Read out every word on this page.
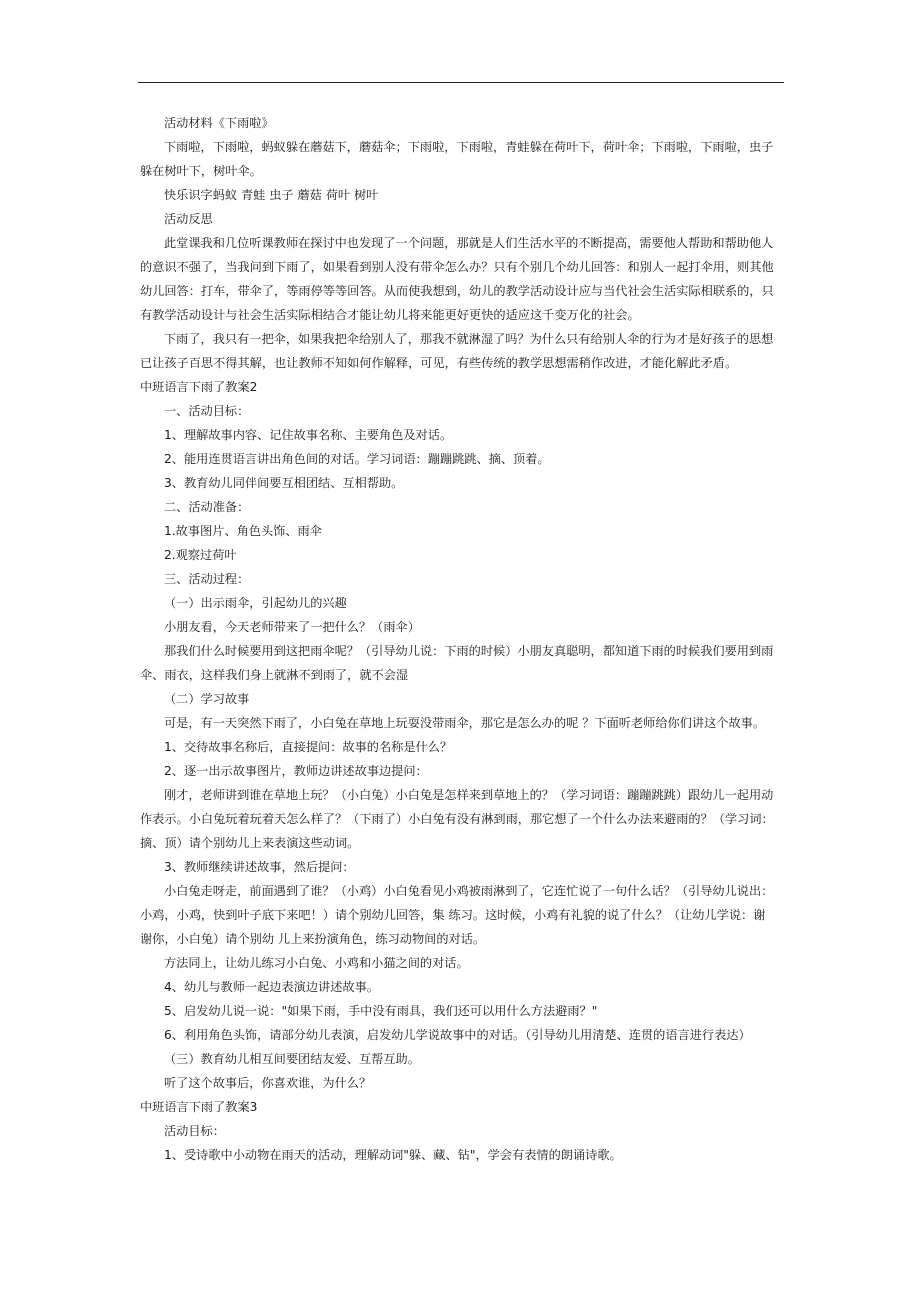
活动材料《下雨啦》

下雨啦，下雨啦，蚂蚁躲在蘑菇下，蘑菇伞；下雨啦，下雨啦，青蛙躲在荷叶下，荷叶伞；下雨啦，下雨啦，虫子

躲在树叶下，树叶伞。

快乐识字蚂蚁 青蛙 虫子 蘑菇 荷叶 树叶

活动反思

此堂课我和几位听课教师在探讨中也发现了一个问题，那就是人们生活水平的不断提高，需要他人帮助和帮助他人

的意识不强了，当我问到下雨了，如果看到别人没有带伞怎么办？只有个别几个幼儿回答：和别人一起打伞用，则其他

幼儿回答：打车，带伞了，等雨停等等回答。从而使我想到，幼儿的教学活动设计应与当代社会生活实际相联系的，只

有教学活动设计与社会生活实际相结合才能让幼儿将来能更好更快的适应这千变万化的社会。

下雨了，我只有一把伞，如果我把伞给别人了，那我不就淋湿了吗？为什么只有给别人伞的行为才是好孩子的思想

已让孩子百思不得其解，也让教师不知如何作解释，可见，有些传统的教学思想需稍作改进，才能化解此矛盾。

中班语言下雨了教案2

一、活动目标：

1、理解故事内容、记住故事名称、主要角色及对话。

2、能用连贯语言讲出角色间的对话。学习词语：蹦蹦跳跳、摘、顶着。

3、教育幼儿同伴间要互相团结、互相帮助。

二、活动准备：

1.故事图片、角色头饰、雨伞

2.观察过荷叶

三、活动过程：

（一）出示雨伞，引起幼儿的兴趣

小朋友看，今天老师带来了一把什么？（雨伞）

那我们什么时候要用到这把雨伞呢？（引导幼儿说：下雨的时候）小朋友真聪明，都知道下雨的时候我们要用到雨

伞、雨衣，这样我们身上就淋不到雨了，就不会湿

（二）学习故事

可是，有一天突然下雨了，小白兔在草地上玩耍没带雨伞，那它是怎么办的呢 ？下面听老师给你们讲这个故事。

1、交待故事名称后，直接提问：故事的名称是什么？

2、逐一出示故事图片，教师边讲述故事边提问：

刚才，老师讲到谁在草地上玩？（小白兔）小白兔是怎样来到草地上的？（学习词语：蹦蹦跳跳）跟幼儿一起用动

作表示。小白兔玩着玩着天怎么样了？（下雨了）小白兔有没有淋到雨，那它想了一个什么办法来避雨的？（学习词：

摘、顶）请个别幼儿上来表演这些动词。

3、教师继续讲述故事，然后提问：

小白兔走呀走，前面遇到了谁？（小鸡）小白兔看见小鸡被雨淋到了，它连忙说了一句什么话？（引导幼儿说出：

小鸡，小鸡，快到叶子底下来吧！）请个别幼儿回答，集 练习。这时候，小鸡有礼貌的说了什么？（让幼儿学说：谢

谢你，小白兔）请个别幼 儿上来扮演角色，练习动物间的对话。

方法同上，让幼儿练习小白兔、小鸡和小猫之间的对话。

4、幼儿与教师一起边表演边讲述故事。

5、启发幼儿说一说："如果下雨，手中没有雨具，我们还可以用什么方法避雨？"

6、利用角色头饰，请部分幼儿表演，启发幼儿学说故事中的对话。（引导幼儿用清楚、连贯的语言进行表达）

（三）教育幼儿相互间要团结友爱、互帮互助。

听了这个故事后，你喜欢谁，为什么？

中班语言下雨了教案3

活动目标：

1、受诗歌中小动物在雨天的活动，理解动词"躲、藏、钻"，学会有表情的朗诵诗歌。
